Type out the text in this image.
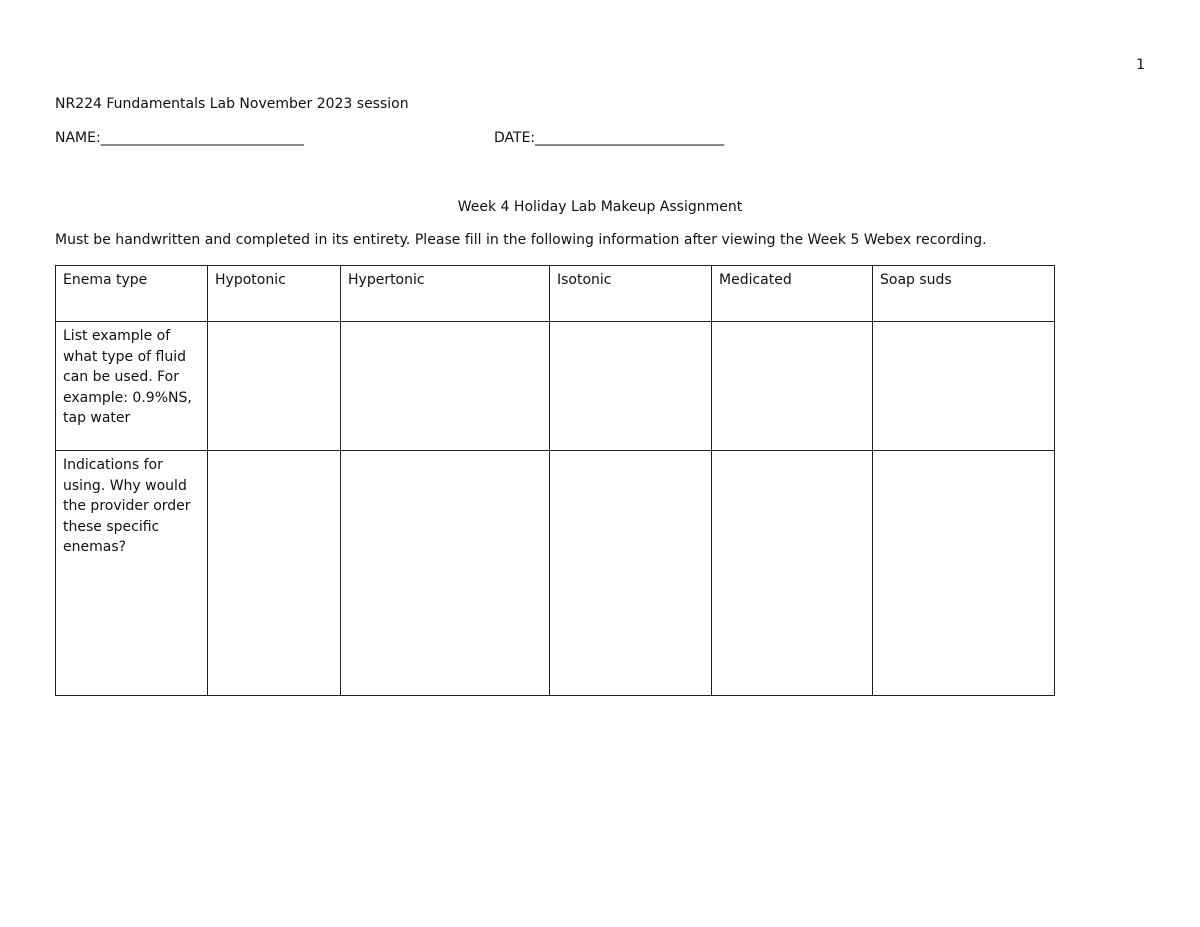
1
NR224 Fundamentals Lab November 2023 session
NAME:_____________________________	DATE:___________________________
Week 4 Holiday Lab Makeup Assignment
Must be handwritten and completed in its entirety. Please fill in the following information after viewing the Week 5 Webex recording.
Enema type	Hypotonic	Hypertonic	Isotonic	Medicated	Soap suds
List example of what type of fluid can be used. For example: 0.9%NS, tap water					
Indications for using. Why would the provider order these specific enemas?					
